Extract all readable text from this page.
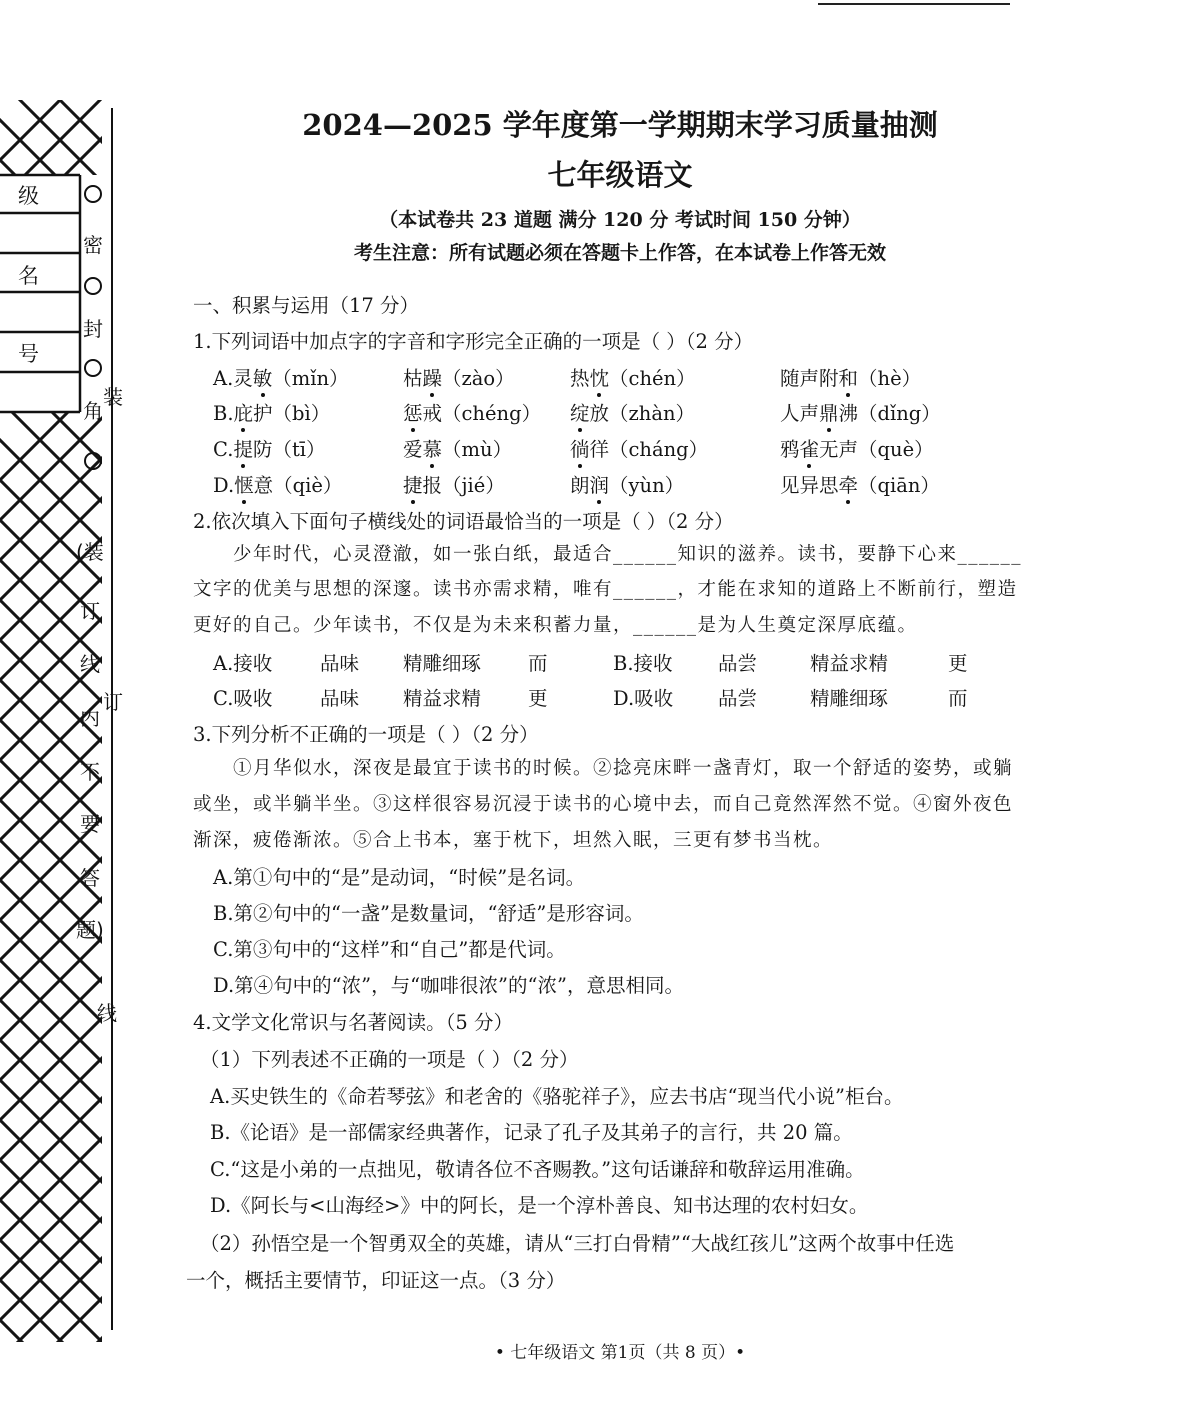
级
名
号
密
封
角
装
订
线
(装
订
线
内
不
要
答
题)
2024—2025 学年度第一学期期末学习质量抽测
七年级语文
（本试卷共 23 道题 满分 120 分 考试时间 150 分钟）
考生注意：所有试题必须在答题卡上作答，在本试卷上作答无效
一、积累与运用（17 分）
1.下列词语中加点字的字音和字形完全正确的一项是（ ）（2 分）
A.灵敏（mǐn）	枯躁（zào）	热忱（chén）	随声附和（hè）
B.庇护（bì）	惩戒（chéng） 绽放（zhàn）	人声鼎沸（dǐng）
C.提防（tī）	爱慕（mù）	徜徉（cháng）	鸦雀无声（què）
D.惬意（qiè）	捷报（jié）	朗润（yùn）	见异思牵（qiān）
2.依次填入下面句子横线处的词语最恰当的一项是（ ）（2 分）
少年时代，心灵澄澈，如一张白纸，最适合______知识的滋养。读书，要静下心来______
文字的优美与思想的深邃。读书亦需求精，唯有______，才能在求知的道路上不断前行，塑造
更好的自己。少年读书，不仅是为未来积蓄力量，______是为人生奠定深厚底蕴。
A.接收 品味 精雕细琢 而	B.接收 品尝	精益求精	更
C.吸收 品味 精益求精 更	D.吸收 品尝	精雕细琢	而
3.下列分析不正确的一项是（ ）（2 分）
①月华似水，深夜是最宜于读书的时候。②捻亮床畔一盏青灯，取一个舒适的姿势，或躺
或坐，或半躺半坐。③这样很容易沉浸于读书的心境中去，而自己竟然浑然不觉。④窗外夜色
渐深，疲倦渐浓。⑤合上书本，塞于枕下，坦然入眠，三更有梦书当枕。
A.第①句中的“是”是动词，“时候”是名词。
B.第②句中的“一盏”是数量词，“舒适”是形容词。
C.第③句中的“这样”和“自己”都是代词。
D.第④句中的“浓”，与“咖啡很浓”的“浓”，意思相同。
4.文学文化常识与名著阅读。（5 分）
（1）下列表述不正确的一项是（ ）（2 分）
A.买史铁生的《命若琴弦》和老舍的《骆驼祥子》，应去书店“现当代小说”柜台。
B.《论语》是一部儒家经典著作，记录了孔子及其弟子的言行，共 20 篇。
C.“这是小弟的一点拙见，敬请各位不吝赐教。”这句话谦辞和敬辞运用准确。
D.《阿长与<山海经>》中的阿长，是一个淳朴善良、知书达理的农村妇女。
（2）孙悟空是一个智勇双全的英雄，请从“三打白骨精”“大战红孩儿”这两个故事中任选
一个，概括主要情节，印证这一点。（3 分）
• 七年级语文 第1页（共 8 页）•
